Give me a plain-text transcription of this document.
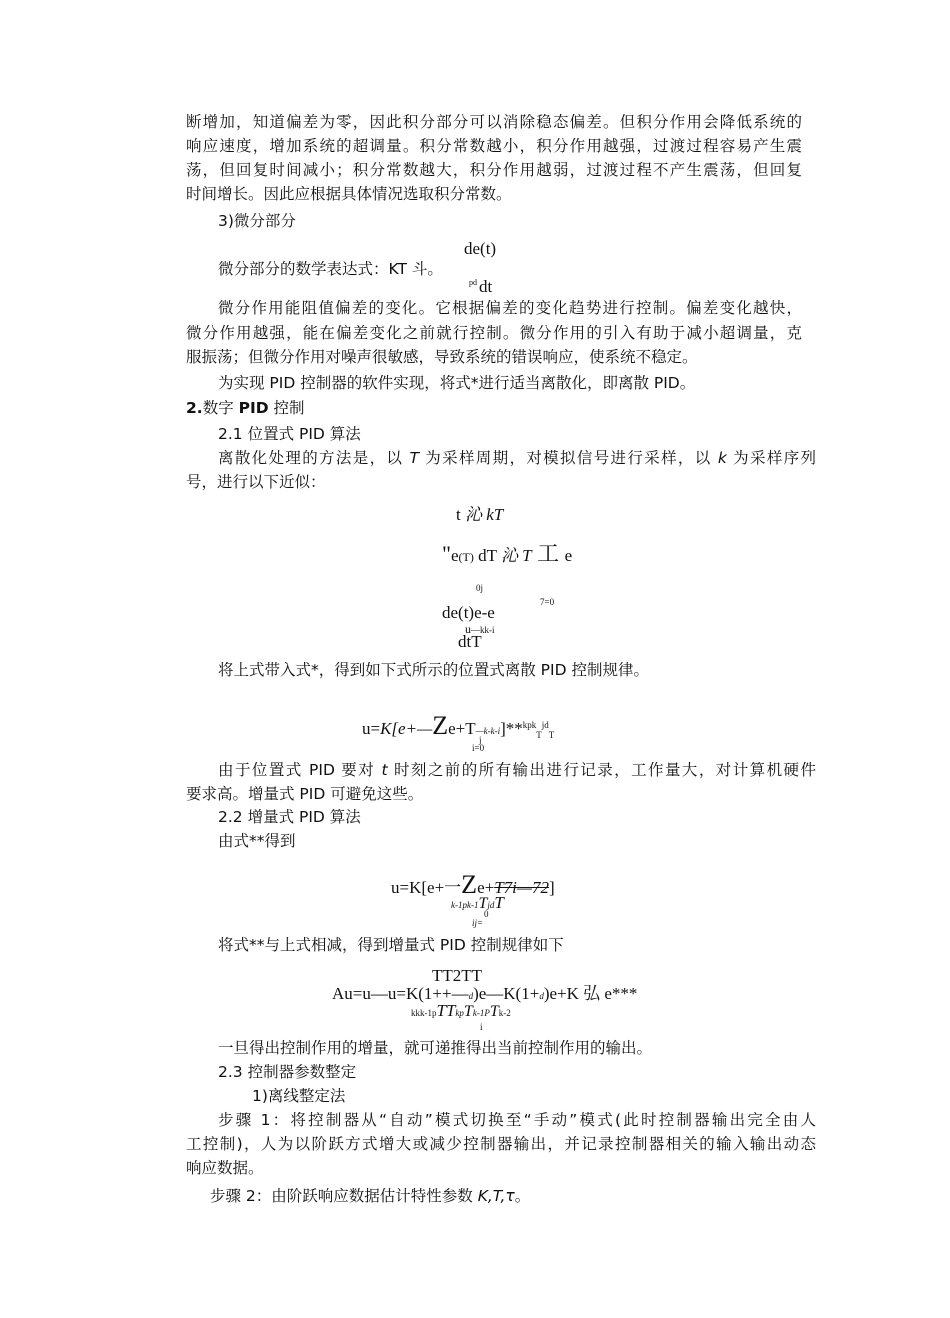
断增加，知道偏差为零，因此积分部分可以消除稳态偏差。但积分作用会降低系统的
响应速度，增加系统的超调量。积分常数越小，积分作用越强，过渡过程容易产生震
荡，但回复时间减小；积分常数越大，积分作用越弱，过渡过程不产生震荡，但回复
时间增长。因此应根据具体情况选取积分常数。
3)微分部分
de(t)
微分部分的数学表达式：KT 斗。
pd dt
微分作用能阻值偏差的变化。它根据偏差的变化趋势进行控制。偏差变化越快，
微分作用越强，能在偏差变化之前就行控制。微分作用的引入有助于减小超调量，克
服振荡；但微分作用对噪声很敏感，导致系统的错误响应，使系统不稳定。
为实现 PID 控制器的软件实现，将式*进行适当离散化，即离散 PID。
2.数字 PID 控制
2.1 位置式 PID 算法
离散化处理的方法是，以 T 为采样周期，对模拟信号进行采样，以 k 为采样序列
号，进行以下近似：
t 沁 kT
"e(T) dT 沁 T 工 e
0j
7=0
de(t)e-e
u—kk-i
dtT
将上式带入式*，得到如下式所示的位置式离散 PID 控制规律。
u=K[e+—Ze+T—k-k-i]**$^{kpk}_T^{jd}_T$
j
i=0
由于位置式 PID 要对 t 时刻之前的所有输出进行记录，工作量大，对计算机硬件
要求高。增量式 PID 可避免这些。
2.2 增量式 PID 算法
由式**得到
u=K[e+一Ze+T7i—72]
k-1pk-1TjdT
0
ij=
将式**与上式相减，得到增量式 PID 控制规律如下
TT2TT
Au=u—u=K(1++—d)e—K(1+d)e+K 弘 e***
kkk-1pTTkpTk-1PTk-2
i
一旦得出控制作用的增量，就可递推得出当前控制作用的输出。
2.3 控制器参数整定
1)离线整定法
步骤 1：将控制器从“自动”模式切换至“手动”模式(此时控制器输出完全由人
工控制)，人为以阶跃方式增大或减少控制器输出，并记录控制器相关的输入输出动态
响应数据。
步骤 2：由阶跃响应数据估计特性参数 K,T,τ。
